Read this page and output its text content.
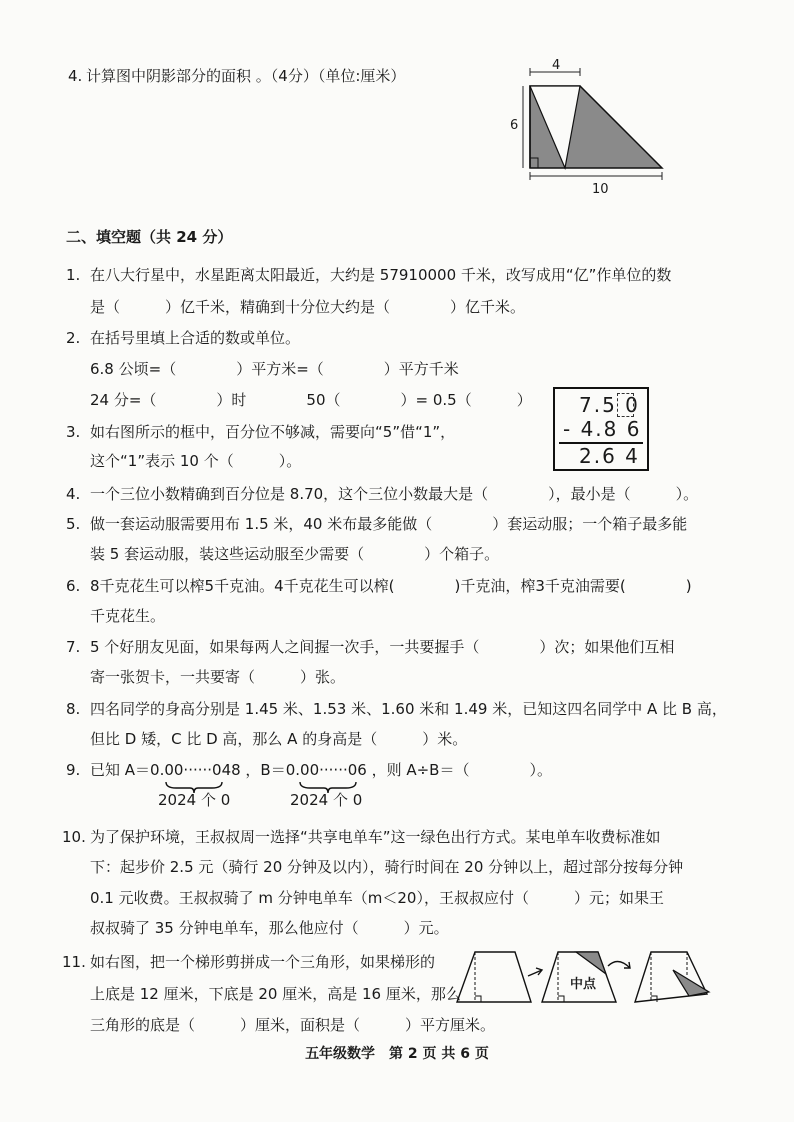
4. 计算图中阴影部分的面积 。（4分）（单位:厘米）
4
6
10
二、填空题（共 24 分）
1. 在八大行星中，水星距离太阳最近，大约是 57910000 千米，改写成用“亿”作单位的数
是（　　　）亿千米，精确到十分位大约是（　　　　）亿千米。
2. 在括号里填上合适的数或单位。
6.8 公顷=（　　　　）平方米=（　　　　）平方千米
24 分=（　　　　）时　　　　50（　　　　）= 0.5（　　　） 7.5 0
- 4.8 6
2.6 4
3. 如右图所示的框中，百分位不够减，需要向“5”借“1”，
这个“1”表示 10 个（　　　）。
4. 一个三位小数精确到百分位是 8.70，这个三位小数最大是（　　　　），最小是（　　　）。
5. 做一套运动服需要用布 1.5 米，40 米布最多能做（　　　　）套运动服；一个箱子最多能
装 5 套运动服，装这些运动服至少需要（　　　　）个箱子。
6. 8千克花生可以榨5千克油。4千克花生可以榨(　　　　)千克油，榨3千克油需要(　　　　)
千克花生。
7. 5 个好朋友见面，如果每两人之间握一次手，一共要握手（　　　　）次；如果他们互相
寄一张贺卡，一共要寄（　　　）张。
8. 四名同学的身高分别是 1.45 米、1.53 米、1.60 米和 1.49 米，已知这四名同学中 A 比 B 高，
但比 D 矮，C 比 D 高，那么 A 的身高是（　　　）米。
9. 已知 A＝0.00······048 ，B＝0.00······06 ，则 A÷B＝（　　　　）。
2024 个 0	2024 个 0
10. 为了保护环境，王叔叔周一选择“共享电单车”这一绿色出行方式。某电单车收费标准如
下：起步价 2.5 元（骑行 20 分钟及以内），骑行时间在 20 分钟以上，超过部分按每分钟
0.1 元收费。王叔叔骑了 m 分钟电单车（m＜20），王叔叔应付（　　　）元；如果王
叔叔骑了 35 分钟电单车，那么他应付（　　　）元。
11. 如右图，把一个梯形剪拼成一个三角形，如果梯形的
上底是 12 厘米，下底是 20 厘米，高是 16 厘米，那么
三角形的底是（　　　）厘米，面积是（　　　）平方厘米。
中点
五年级数学　第 2 页 共 6 页
